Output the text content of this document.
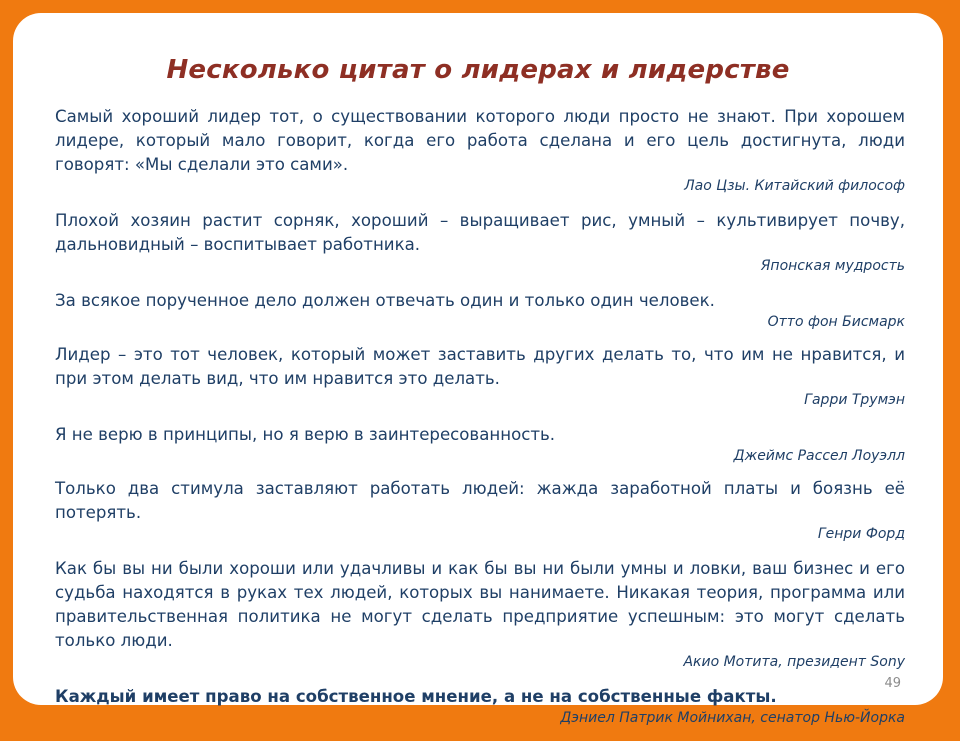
Несколько цитат о лидерах и лидерстве

Самый хороший лидер тот, о существовании которого люди просто не знают. При хорошем лидере, который мало говорит, когда его работа сделана и его цель достигнута, люди говорят: «Мы сделали это сами».

Лао Цзы. Китайский философ

Плохой хозяин растит сорняк, хороший – выращивает рис, умный – культивирует почву, дальновидный – воспитывает работника.

Японская мудрость

За всякое порученное дело должен отвечать один и только один человек.

Отто фон Бисмарк

Лидер – это тот человек, который может заставить других делать то, что им не нравится, и при этом делать вид, что им нравится это делать.

Гарри Трумэн

Я не верю в принципы, но я верю в заинтересованность.

Джеймс Рассел Лоуэлл

Только два стимула заставляют работать людей: жажда заработной платы и боязнь её потерять.

Генри Форд

Как бы вы ни были хороши или удачливы и как бы вы ни были умны и ловки, ваш бизнес и его судьба находятся в руках тех людей, которых вы нанимаете. Никакая теория, программа или правительственная политика не могут сделать предприятие успешным: это могут сделать только люди.

Акио Мотита, президент Sony

Каждый имеет право на собственное мнение, а не на собственные факты.

Дэниел Патрик Мойнихан, сенатор Нью-Йорка

49
